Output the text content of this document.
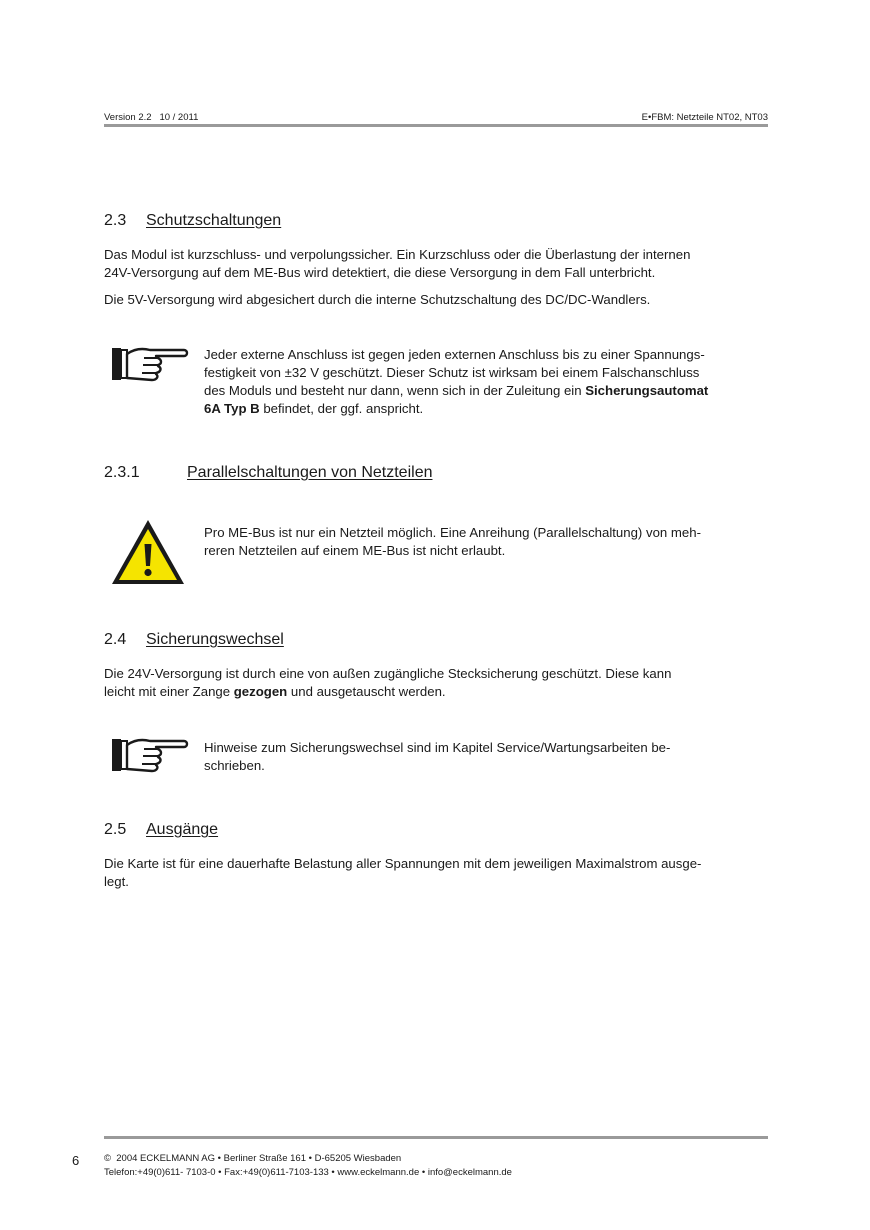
Version 2.2   10 / 2011	E•FBM: Netzteile NT02, NT03
2.3 Schutzschaltungen
Das Modul ist kurzschluss- und verpolungssicher. Ein Kurzschluss oder die Überlastung der internen
24V-Versorgung auf dem ME-Bus wird detektiert, die diese Versorgung in dem Fall unterbricht.
Die 5V-Versorgung wird abgesichert durch die interne Schutzschaltung des DC/DC-Wandlers.
Jeder externe Anschluss ist gegen jeden externen Anschluss bis zu einer Spannungs-
festigkeit von ±32 V geschützt. Dieser Schutz ist wirksam bei einem Falschanschluss
des Moduls und besteht nur dann, wenn sich in der Zuleitung ein Sicherungsautomat
6A Typ B befindet, der ggf. anspricht.
2.3.1	Parallelschaltungen von Netzteilen
Pro ME-Bus ist nur ein Netzteil möglich. Eine Anreihung (Parallelschaltung) von meh-
reren Netzteilen auf einem ME-Bus ist nicht erlaubt.
2.4 Sicherungswechsel
Die 24V-Versorgung ist durch eine von außen zugängliche Stecksicherung geschützt. Diese kann
leicht mit einer Zange gezogen und ausgetauscht werden.
Hinweise zum Sicherungswechsel sind im Kapitel Service/Wartungsarbeiten be-
schrieben.
2.5 Ausgänge
Die Karte ist für eine dauerhafte Belastung aller Spannungen mit dem jeweiligen Maximalstrom ausge-
legt.
6	©  2004 ECKELMANN AG • Berliner Straße 161 • D-65205 Wiesbaden
Telefon:+49(0)611- 7103-0 • Fax:+49(0)611-7103-133 • www.eckelmann.de • info@eckelmann.de
